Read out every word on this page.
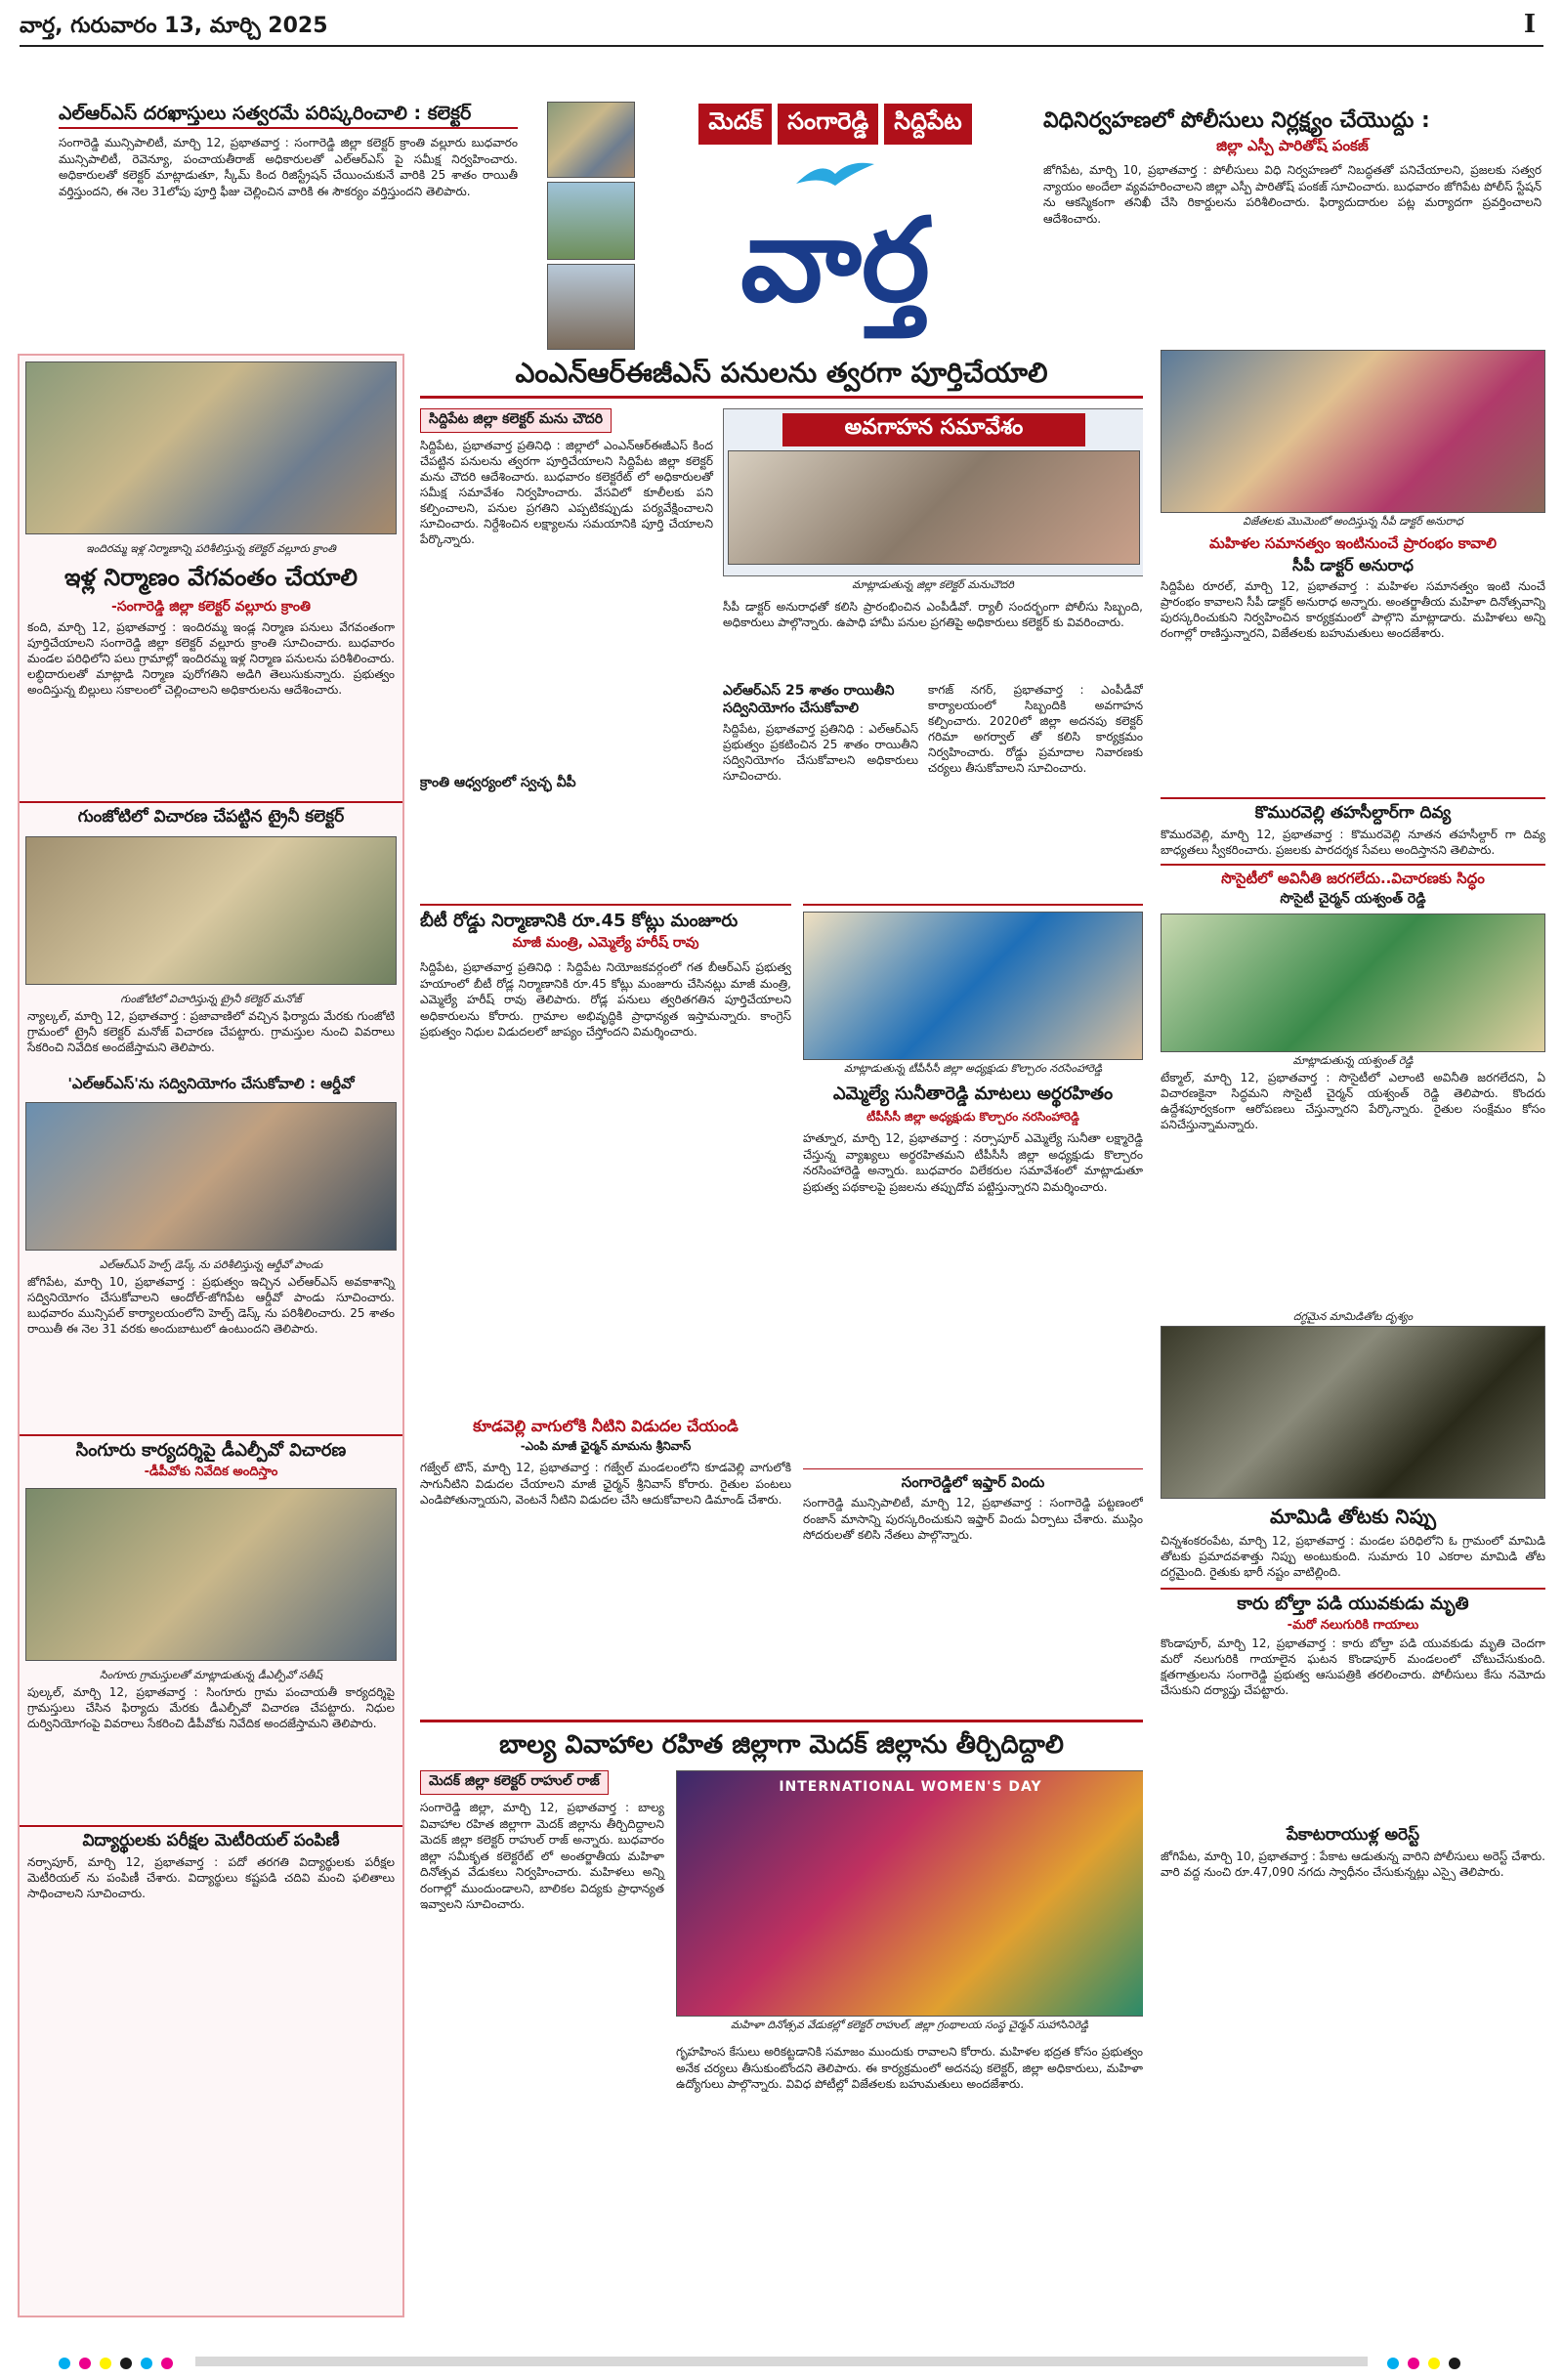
వార్త, గురువారం 13, మార్చి 2025	I
ఎల్ఆర్ఎస్ దరఖాస్తులు సత్వరమే పరిష్కరించాలి : కలెక్టర్
సంగారెడ్డి మున్సిపాలిటీ, మార్చి 12, ప్రభాతవార్త : సంగారెడ్డి జిల్లా కలెక్టర్ క్రాంతి వల్లూరు బుధవారం మున్సిపాలిటీ, రెవెన్యూ, పంచాయతీరాజ్ అధికారులతో ఎల్ఆర్ఎస్ పై సమీక్ష నిర్వహించారు. అధికారులతో కలెక్టర్ మాట్లాడుతూ, స్కీమ్ కింద రిజిస్ట్రేషన్ చేయించుకునే వారికి 25 శాతం రాయితీ వర్తిస్తుందని, ఈ నెల 31లోపు పూర్తి ఫీజు చెల్లించిన వారికి ఈ సౌకర్యం వర్తిస్తుందని తెలిపారు.
మెదక్	సంగారెడ్డి	సిద్దిపేట
వార్త
విధినిర్వహణలో పోలీసులు నిర్లక్ష్యం చేయొద్దు :
జిల్లా ఎస్పీ పారితోష్ పంకజ్
జోగిపేట, మార్చి 10, ప్రభాతవార్త : పోలీసులు విధి నిర్వహణలో నిబద్ధతతో పనిచేయాలని, ప్రజలకు సత్వర న్యాయం అందేలా వ్యవహరించాలని జిల్లా ఎస్పీ పారితోష్ పంకజ్ సూచించారు. బుధవారం జోగిపేట పోలీస్ స్టేషన్ ను ఆకస్మికంగా తనిఖీ చేసి రికార్డులను పరిశీలించారు. ఫిర్యాదుదారుల పట్ల మర్యాదగా ప్రవర్తించాలని ఆదేశించారు.
ఎంఎన్ఆర్ఈజీఎస్ పనులను త్వరగా పూర్తిచేయాలి
ఇందిరమ్మ ఇళ్ల నిర్మాణాన్ని పరిశీలిస్తున్న కలెక్టర్ వల్లూరు క్రాంతి
ఇళ్ల నిర్మాణం వేగవంతం చేయాలి
-సంగారెడ్డి జిల్లా కలెక్టర్ వల్లూరు క్రాంతి
కంది, మార్చి 12, ప్రభాతవార్త : ఇందిరమ్మ ఇండ్ల నిర్మాణ పనులు వేగవంతంగా పూర్తిచేయాలని సంగారెడ్డి జిల్లా కలెక్టర్ వల్లూరు క్రాంతి సూచించారు. బుధవారం మండల పరిధిలోని పలు గ్రామాల్లో ఇందిరమ్మ ఇళ్ల నిర్మాణ పనులను పరిశీలించారు. లబ్ధిదారులతో మాట్లాడి నిర్మాణ పురోగతిని అడిగి తెలుసుకున్నారు. ప్రభుత్వం అందిస్తున్న బిల్లులు సకాలంలో చెల్లించాలని అధికారులను ఆదేశించారు.
గుంజోటిలో విచారణ చేపట్టిన ట్రైనీ కలెక్టర్
గుంజోటిలో విచారిస్తున్న ట్రైనీ కలెక్టర్ మనోజ్
న్యాల్కల్, మార్చి 12, ప్రభాతవార్త : ప్రజావాణిలో వచ్చిన ఫిర్యాదు మేరకు గుంజోటి గ్రామంలో ట్రైనీ కలెక్టర్ మనోజ్ విచారణ చేపట్టారు. గ్రామస్తుల నుంచి వివరాలు సేకరించి నివేదిక అందజేస్తామని తెలిపారు.
'ఎల్ఆర్ఎస్'ను సద్వినియోగం చేసుకోవాలి : ఆర్డీవో
ఎల్ఆర్ఎస్ హెల్ప్ డెస్క్ ను పరిశీలిస్తున్న ఆర్డీవో పాండు
జోగిపేట, మార్చి 10, ప్రభాతవార్త : ప్రభుత్వం ఇచ్చిన ఎల్ఆర్ఎస్ అవకాశాన్ని సద్వినియోగం చేసుకోవాలని ఆందోల్-జోగిపేట ఆర్డీవో పాండు సూచించారు. బుధవారం మున్సిపల్ కార్యాలయంలోని హెల్ప్ డెస్క్ ను పరిశీలించారు. 25 శాతం రాయితీ ఈ నెల 31 వరకు అందుబాటులో ఉంటుందని తెలిపారు.
సింగూరు కార్యదర్శిపై డీఎల్పీవో విచారణ
-డీపీవోకు నివేదిక అందిస్తాం
సింగూరు గ్రామస్తులతో మాట్లాడుతున్న డీఎల్పీవో సతీష్
పుల్కల్, మార్చి 12, ప్రభాతవార్త : సింగూరు గ్రామ పంచాయతీ కార్యదర్శిపై గ్రామస్తులు చేసిన ఫిర్యాదు మేరకు డీఎల్పీవో విచారణ చేపట్టారు. నిధుల దుర్వినియోగంపై వివరాలు సేకరించి డీపీవోకు నివేదిక అందజేస్తామని తెలిపారు.
విద్యార్థులకు పరీక్షల మెటీరియల్ పంపిణీ
నర్సాపూర్, మార్చి 12, ప్రభాతవార్త : పదో తరగతి విద్యార్థులకు పరీక్షల మెటీరియల్ ను పంపిణీ చేశారు. విద్యార్థులు కష్టపడి చదివి మంచి ఫలితాలు సాధించాలని సూచించారు.
సిద్దిపేట జిల్లా కలెక్టర్ మను చౌదరి
సిద్దిపేట, ప్రభాతవార్త ప్రతినిధి : జిల్లాలో ఎంఎన్ఆర్ఈజీఎస్ కింద చేపట్టిన పనులను త్వరగా పూర్తిచేయాలని సిద్దిపేట జిల్లా కలెక్టర్ మను చౌదరి ఆదేశించారు. బుధవారం కలెక్టరేట్ లో అధికారులతో సమీక్ష సమావేశం నిర్వహించారు. వేసవిలో కూలీలకు పని కల్పించాలని, పనుల ప్రగతిని ఎప్పటికప్పుడు పర్యవేక్షించాలని సూచించారు. నిర్దేశించిన లక్ష్యాలను సమయానికి పూర్తి చేయాలని పేర్కొన్నారు.
అవగాహన సమావేశం
మాట్లాడుతున్న జిల్లా కలెక్టర్ మనుచౌదరి
సీపీ డాక్టర్ అనురాధతో కలిసి ప్రారంభించిన ఎంపీడీవో. ర్యాలీ సందర్భంగా పోలీసు సిబ్బంది, అధికారులు పాల్గొన్నారు. ఉపాధి హామీ పనుల ప్రగతిపై అధికారులు కలెక్టర్ కు వివరించారు.
ఎల్ఆర్ఎస్ 25 శాతం రాయితీని సద్వినియోగం చేసుకోవాలి
సిద్దిపేట, ప్రభాతవార్త ప్రతినిధి : ఎల్ఆర్ఎస్ ప్రభుత్వం ప్రకటించిన 25 శాతం రాయితీని సద్వినియోగం చేసుకోవాలని అధికారులు సూచించారు.
క్రాంతి ఆధ్వర్యంలో స్వచ్ఛ వీపీ
కాగజ్ నగర్, ప్రభాతవార్త : ఎంపీడీవో కార్యాలయంలో సిబ్బందికి అవగాహన కల్పించారు. 2020లో జిల్లా అదనపు కలెక్టర్ గరిమా అగర్వాల్ తో కలిసి కార్యక్రమం నిర్వహించారు. రోడ్డు ప్రమాదాల నివారణకు చర్యలు తీసుకోవాలని సూచించారు.
బీటీ రోడ్డు నిర్మాణానికి రూ.45 కోట్లు మంజూరు
మాజీ మంత్రి, ఎమ్మెల్యే హరీష్ రావు
సిద్దిపేట, ప్రభాతవార్త ప్రతినిధి : సిద్దిపేట నియోజకవర్గంలో గత బీఆర్ఎస్ ప్రభుత్వ హయాంలో బీటీ రోడ్ల నిర్మాణానికి రూ.45 కోట్లు మంజూరు చేసినట్లు మాజీ మంత్రి, ఎమ్మెల్యే హరీష్ రావు తెలిపారు. రోడ్ల పనులు త్వరితగతిన పూర్తిచేయాలని అధికారులను కోరారు. గ్రామాల అభివృద్ధికి ప్రాధాన్యత ఇస్తామన్నారు. కాంగ్రెస్ ప్రభుత్వం నిధుల విడుదలలో జాప్యం చేస్తోందని విమర్శించారు.
కూడవెల్లి వాగులోకి నీటిని విడుదల చేయండి
-ఎంపి మాజీ ఛైర్మన్ మామను శ్రీనివాస్
గజ్వేల్ టౌన్, మార్చి 12, ప్రభాతవార్త : గజ్వేల్ మండలంలోని కూడవెల్లి వాగులోకి సాగునీటిని విడుదల చేయాలని మాజీ ఛైర్మన్ శ్రీనివాస్ కోరారు. రైతుల పంటలు ఎండిపోతున్నాయని, వెంటనే నీటిని విడుదల చేసి ఆదుకోవాలని డిమాండ్ చేశారు.
మాట్లాడుతున్న టీపీసీసీ జిల్లా అధ్యక్షుడు కొల్చారం నరసింహారెడ్డి
ఎమ్మెల్యే సునీతారెడ్డి మాటలు అర్థరహితం
టీపీసీసీ జిల్లా అధ్యక్షుడు కొల్చారం నరసింహారెడ్డి
హత్నూర, మార్చి 12, ప్రభాతవార్త : నర్సాపూర్ ఎమ్మెల్యే సునీతా లక్ష్మారెడ్డి చేస్తున్న వ్యాఖ్యలు అర్థరహితమని టీపీసీసీ జిల్లా అధ్యక్షుడు కొల్చారం నరసింహారెడ్డి అన్నారు. బుధవారం విలేకరుల సమావేశంలో మాట్లాడుతూ ప్రభుత్వ పథకాలపై ప్రజలను తప్పుదోవ పట్టిస్తున్నారని విమర్శించారు.
సంగారెడ్డిలో ఇఫ్తార్ విందు
సంగారెడ్డి మున్సిపాలిటీ, మార్చి 12, ప్రభాతవార్త : సంగారెడ్డి పట్టణంలో రంజాన్ మాసాన్ని పురస్కరించుకుని ఇఫ్తార్ విందు ఏర్పాటు చేశారు. ముస్లిం సోదరులతో కలిసి నేతలు పాల్గొన్నారు.
విజేతలకు మొమెంటో అందిస్తున్న సీపీ డాక్టర్ అనురాధ
మహిళల సమానత్వం ఇంటినుంచే ప్రారంభం కావాలి
సీపీ డాక్టర్ అనురాధ
సిద్దిపేట రూరల్, మార్చి 12, ప్రభాతవార్త : మహిళల సమానత్వం ఇంటి నుంచే ప్రారంభం కావాలని సీపీ డాక్టర్ అనురాధ అన్నారు. అంతర్జాతీయ మహిళా దినోత్సవాన్ని పురస్కరించుకుని నిర్వహించిన కార్యక్రమంలో పాల్గొని మాట్లాడారు. మహిళలు అన్ని రంగాల్లో రాణిస్తున్నారని, విజేతలకు బహుమతులు అందజేశారు.
కొమురవెల్లి తహసీల్దార్‌గా దివ్య
కొమురవెల్లి, మార్చి 12, ప్రభాతవార్త : కొమురవెల్లి నూతన తహసీల్దార్ గా దివ్య బాధ్యతలు స్వీకరించారు. ప్రజలకు పారదర్శక సేవలు అందిస్తానని తెలిపారు.
సొసైటీలో అవినీతి జరగలేదు..విచారణకు సిద్ధం
సొసైటీ చైర్మన్ యశ్వంత్ రెడ్డి
మాట్లాడుతున్న యశ్వంత్ రెడ్డి
టేక్మాల్, మార్చి 12, ప్రభాతవార్త : సొసైటీలో ఎలాంటి అవినీతి జరగలేదని, ఏ విచారణకైనా సిద్ధమని సొసైటీ చైర్మన్ యశ్వంత్ రెడ్డి తెలిపారు. కొందరు ఉద్దేశపూర్వకంగా ఆరోపణలు చేస్తున్నారని పేర్కొన్నారు. రైతుల సంక్షేమం కోసం పనిచేస్తున్నామన్నారు.
దగ్ధమైన మామిడితోట దృశ్యం
మామిడి తోటకు నిప్పు
చిన్నశంకరంపేట, మార్చి 12, ప్రభాతవార్త : మండల పరిధిలోని ఓ గ్రామంలో మామిడి తోటకు ప్రమాదవశాత్తు నిప్పు అంటుకుంది. సుమారు 10 ఎకరాల మామిడి తోట దగ్ధమైంది. రైతుకు భారీ నష్టం వాటిల్లింది.
కారు బోల్తా పడి యువకుడు మృతి
-మరో నలుగురికి గాయాలు
కొండాపూర్, మార్చి 12, ప్రభాతవార్త : కారు బోల్తా పడి యువకుడు మృతి చెందగా మరో నలుగురికి గాయాలైన ఘటన కొండాపూర్ మండలంలో చోటుచేసుకుంది. క్షతగాత్రులను సంగారెడ్డి ప్రభుత్వ ఆసుపత్రికి తరలించారు. పోలీసులు కేసు నమోదు చేసుకుని దర్యాప్తు చేపట్టారు.
పేకాటరాయుళ్ల అరెస్ట్
జోగిపేట, మార్చి 10, ప్రభాతవార్త : పేకాట ఆడుతున్న వారిని పోలీసులు అరెస్ట్ చేశారు. వారి వద్ద నుంచి రూ.47,090 నగదు స్వాధీనం చేసుకున్నట్లు ఎస్సై తెలిపారు.
బాల్య వివాహాల రహిత జిల్లాగా మెదక్ జిల్లాను తీర్చిదిద్దాలి
మెదక్ జిల్లా కలెక్టర్ రాహుల్ రాజ్
సంగారెడ్డి జిల్లా, మార్చి 12, ప్రభాతవార్త : బాల్య వివాహాల రహిత జిల్లాగా మెదక్ జిల్లాను తీర్చిదిద్దాలని మెదక్ జిల్లా కలెక్టర్ రాహుల్ రాజ్ అన్నారు. బుధవారం జిల్లా సమీకృత కలెక్టరేట్ లో అంతర్జాతీయ మహిళా దినోత్సవ వేడుకలు నిర్వహించారు. మహిళలు అన్ని రంగాల్లో ముందుండాలని, బాలికల విద్యకు ప్రాధాన్యత ఇవ్వాలని సూచించారు.
INTERNATIONAL WOMEN'S DAY
మహిళా దినోత్సవ వేడుకల్లో కలెక్టర్ రాహుల్, జిల్లా గ్రంథాలయ సంస్థ చైర్మన్ సుహాసినిరెడ్డి
గృహహింస కేసులు అరికట్టడానికి సమాజం ముందుకు రావాలని కోరారు. మహిళల భద్రత కోసం ప్రభుత్వం అనేక చర్యలు తీసుకుంటోందని తెలిపారు. ఈ కార్యక్రమంలో అదనపు కలెక్టర్, జిల్లా అధికారులు, మహిళా ఉద్యోగులు పాల్గొన్నారు. వివిధ పోటీల్లో విజేతలకు బహుమతులు అందజేశారు.
